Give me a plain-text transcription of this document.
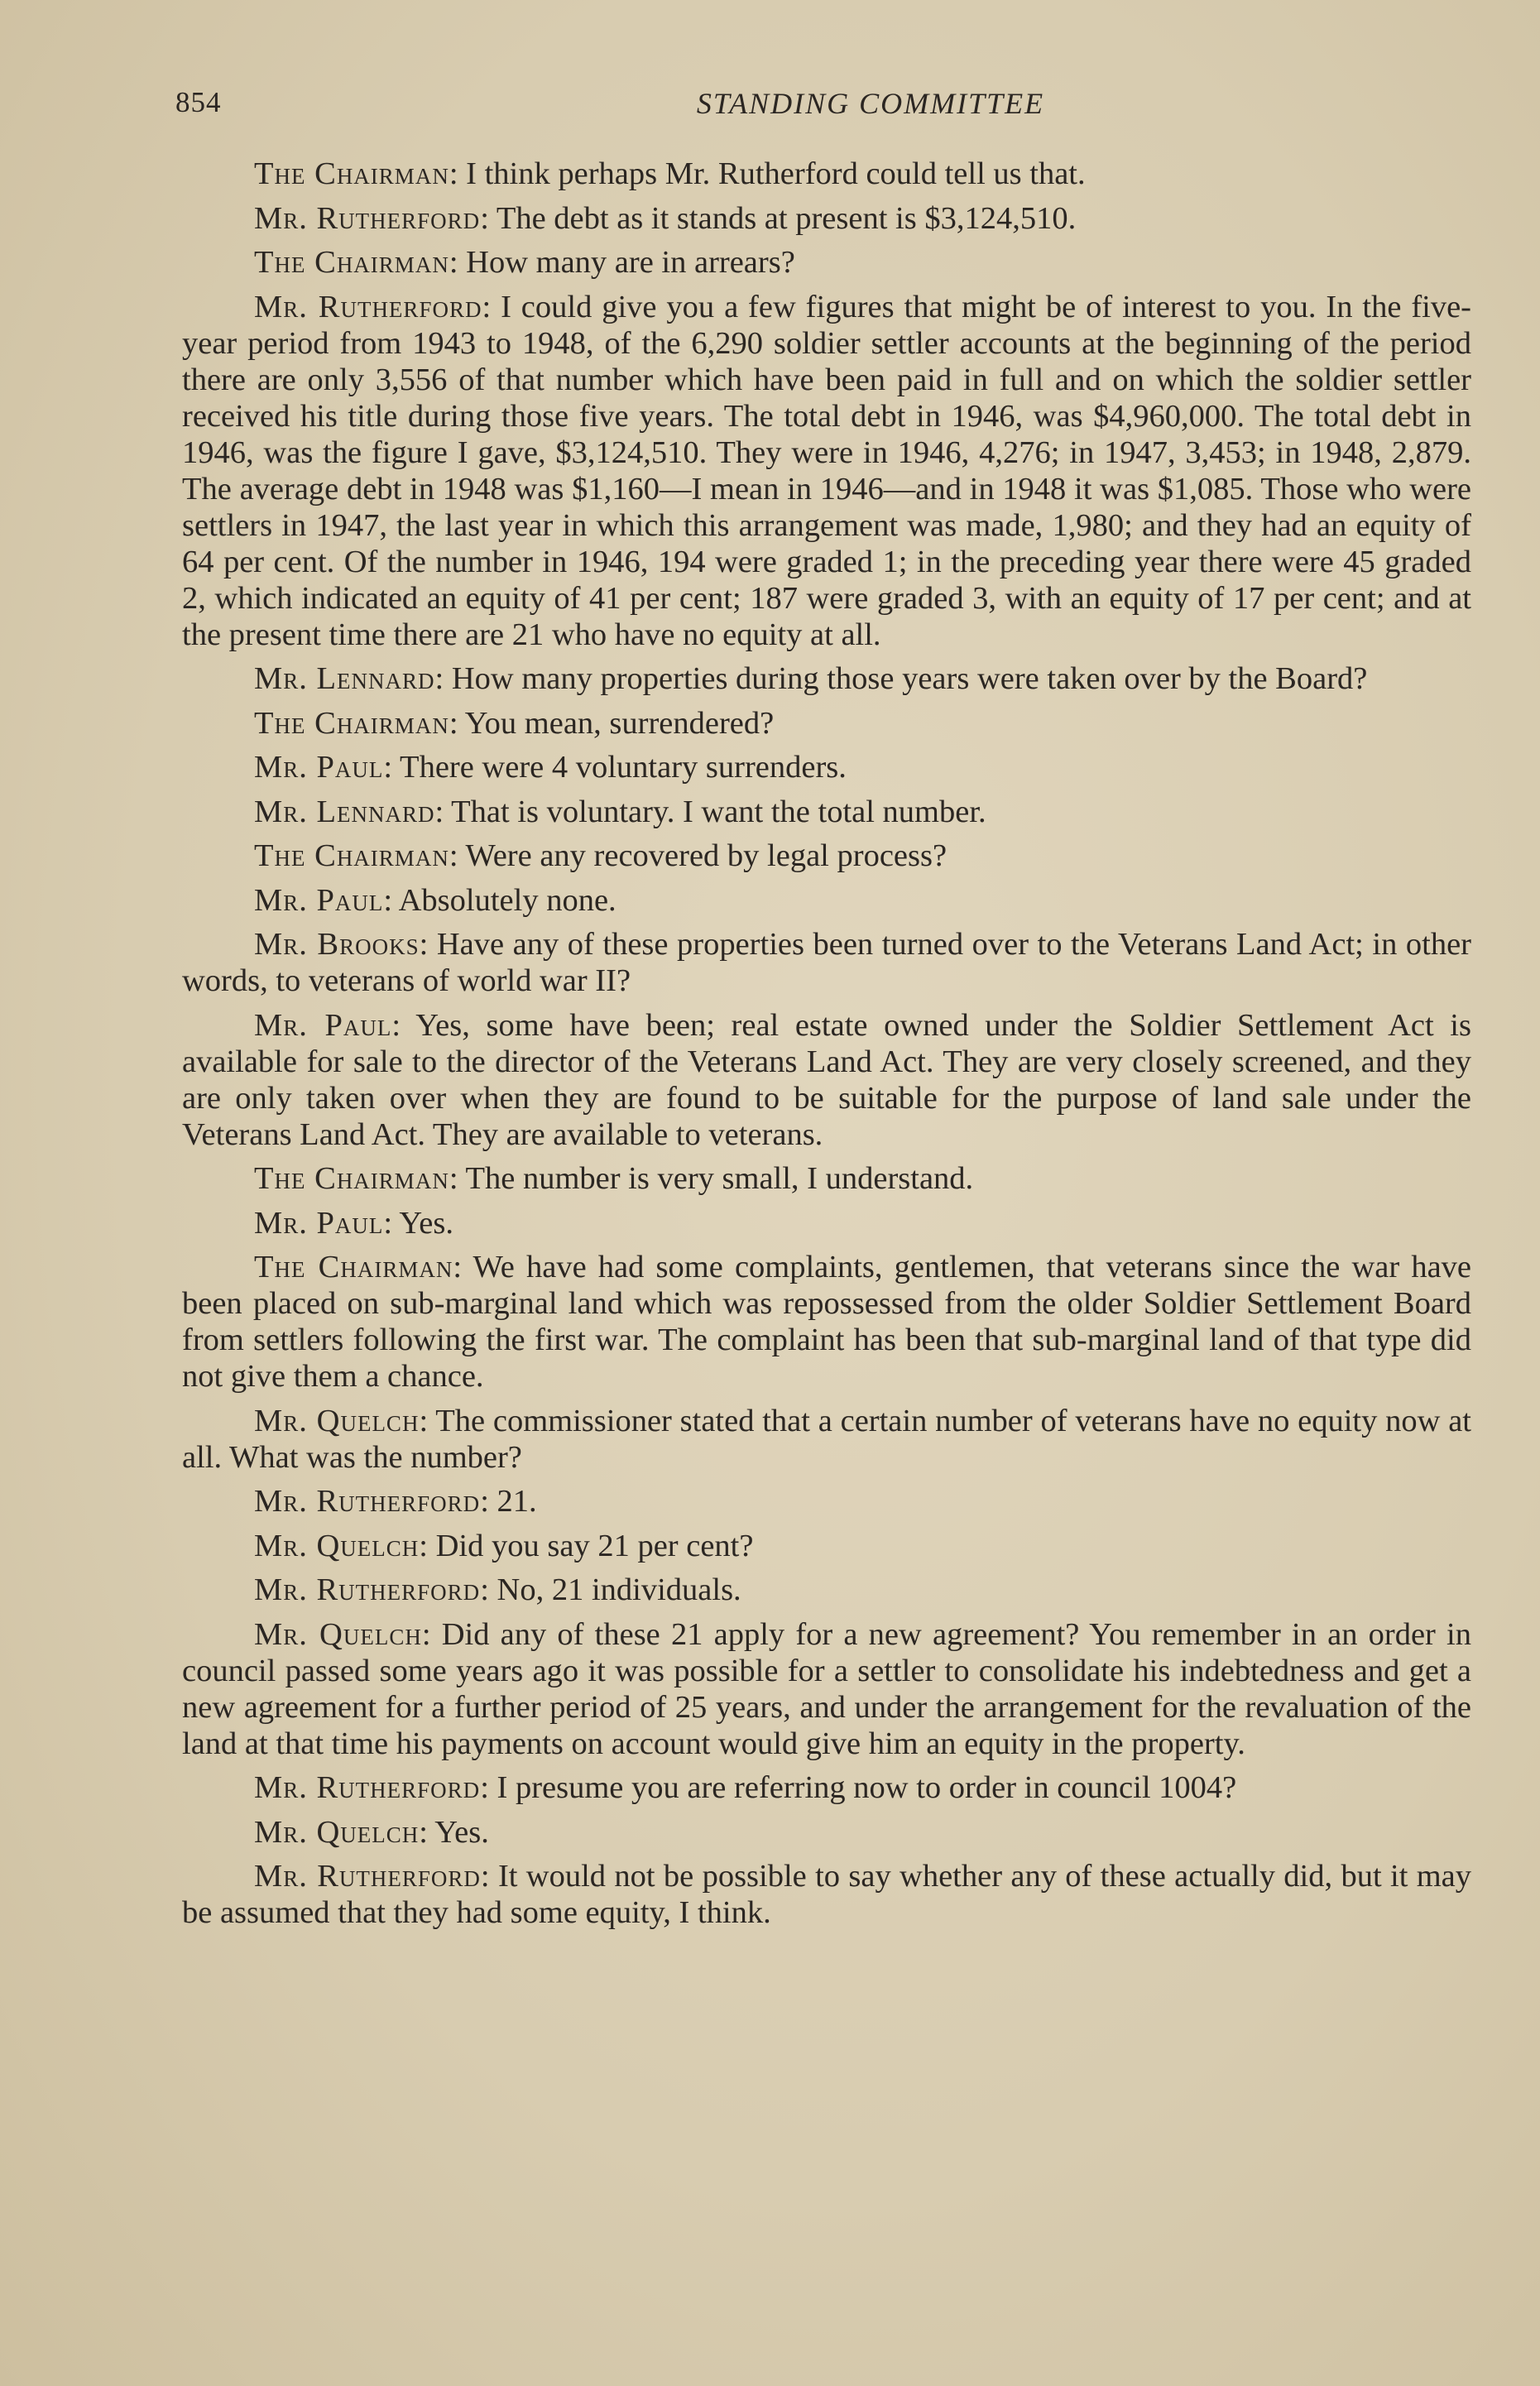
854	STANDING COMMITTEE

The Chairman: I think perhaps Mr. Rutherford could tell us that.

Mr. Rutherford: The debt as it stands at present is $3,124,510.

The Chairman: How many are in arrears?

Mr. Rutherford: I could give you a few figures that might be of interest to you. In the five-year period from 1943 to 1948, of the 6,290 soldier settler accounts at the beginning of the period there are only 3,556 of that number which have been paid in full and on which the soldier settler received his title during those five years. The total debt in 1946, was $4,960,000. The total debt in 1946, was the figure I gave, $3,124,510. They were in 1946, 4,276; in 1947, 3,453; in 1948, 2,879. The average debt in 1948 was $1,160—I mean in 1946—and in 1948 it was $1,085. Those who were settlers in 1947, the last year in which this arrangement was made, 1,980; and they had an equity of 64 per cent. Of the number in 1946, 194 were graded 1; in the preceding year there were 45 graded 2, which indicated an equity of 41 per cent; 187 were graded 3, with an equity of 17 per cent; and at the present time there are 21 who have no equity at all.

Mr. Lennard: How many properties during those years were taken over by the Board?

The Chairman: You mean, surrendered?

Mr. Paul: There were 4 voluntary surrenders.

Mr. Lennard: That is voluntary. I want the total number.

The Chairman: Were any recovered by legal process?

Mr. Paul: Absolutely none.

Mr. Brooks: Have any of these properties been turned over to the Veterans Land Act; in other words, to veterans of world war II?

Mr. Paul: Yes, some have been; real estate owned under the Soldier Settlement Act is available for sale to the director of the Veterans Land Act. They are very closely screened, and they are only taken over when they are found to be suitable for the purpose of land sale under the Veterans Land Act. They are available to veterans.

The Chairman: The number is very small, I understand.

Mr. Paul: Yes.

The Chairman: We have had some complaints, gentlemen, that veterans since the war have been placed on sub-marginal land which was repossessed from the older Soldier Settlement Board from settlers following the first war. The complaint has been that sub-marginal land of that type did not give them a chance.

Mr. Quelch: The commissioner stated that a certain number of veterans have no equity now at all. What was the number?

Mr. Rutherford: 21.

Mr. Quelch: Did you say 21 per cent?

Mr. Rutherford: No, 21 individuals.

Mr. Quelch: Did any of these 21 apply for a new agreement? You remember in an order in council passed some years ago it was possible for a settler to consolidate his indebtedness and get a new agreement for a further period of 25 years, and under the arrangement for the revaluation of the land at that time his payments on account would give him an equity in the property.

Mr. Rutherford: I presume you are referring now to order in council 1004?

Mr. Quelch: Yes.

Mr. Rutherford: It would not be possible to say whether any of these actually did, but it may be assumed that they had some equity, I think.
